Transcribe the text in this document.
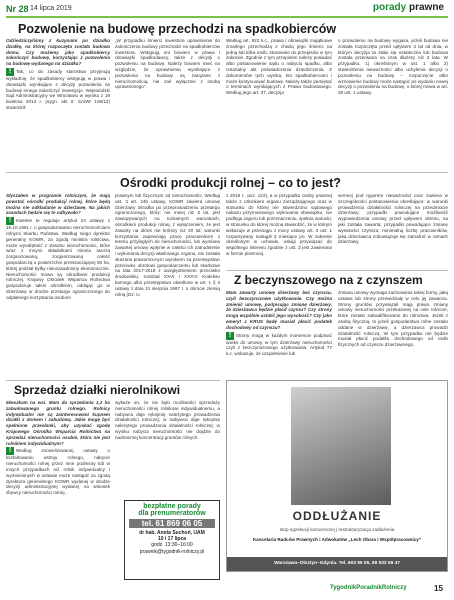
Nr 28 14 lipca 2019	porady prawne
Pozwolenie na budowę przechodzi na spadkobierców

Odziedziczyliśmy z kuzynami po dziadku działkę, na której rozpoczęta została budowa domu. Czy możemy jako spadkobiercy zakończyć budowę, korzystając z pozwolenia na budowę wydanego na dziadka?

! Tak, co do zasady starostwa przyjmują wykładnię, że spadkobiercy wstępują w prawa i obowiązki wynikające z decyzji pozwolenia na budowę innego zakończyć inwestycje. Wojewódzki Sąd Administracyjny we Wrocławiu w wyroku z 19 kwietnia 2013 r. (sygn. akt II: SA/Wr 108/13) stwierdził:

„W przypadku śmierci inwestora uprawnienie do zakończenia budowy przechodzi na spadkobierców inwestora. Wstępują oni bowiem w prawa i obowiązki spadkodawcy, także z decyzji o pozwoleniu na budowę. Należy bowiem mieć na względzie, że uprawnienia wynikające z pozwolenia na budowę są związane z nieruchomością, nie zaś wyłącznie z osobą uprawnionego”.
Według art. 922 k.c., prawa i obowiązki majątkowe zmarłego przechodzą z chwilą jego śmierci na jedną lub kilka osób, stosownie do przepisów w tym zakresie. Zgodnie z tym przepisem należy posiadać albo postanowienie sądu o nabyciu spadku, albo notarialny akt poświadczenia dziedziczenia. Z dokumentów tych wynika, kto spadkobiercami i może kontynuować budowę. Należy także pamiętać o terminach wynikających z Prawa budowlanego. Według jego art. 37, decyzja
o pozwoleniu na budowę wygasa, jeżeli budowa nie została rozpoczęta przed upływem 3 lat od dnia, w którym decyzja ta stała się ostateczna lub budowa została przerwana na czas dłuższy niż 3 lata. W przypadku: 1) określonym w ust. 1 albo 2) stwierdzenia nieważności albo uchylenia decyzji o pozwoleniu na budowę – rozpoczęcie albo wznowienie budowy może nastąpić po wydaniu nowej decyzji o pozwoleniu na budowę, o której mowa w art. 28 ust. 1 ustawy.
Ośrodki produkcji rolnej – co to jest?

Słyszałem w programie rolniczym, że mają powstać ośrodki produkcji rolnej, które będą można nie odkładanie w dzierżawę. Na jakich zasadach będzie się to odbywało?

! Kwestie te reguluje artykuł 24 ustawy z 19.10.1991 r. o gospodarowaniu nieruchomościami rolnymi Skarbu Państwa. Według niego dyrektor generalny KOWR, za zgodą ministra rolnictwa, może wyodrębnić z Zasobu nieruchomości, które wraz z innymi składnikami mienia tworzą zorganizowaną, zorganizowaną całość gospodarczą o powierzchni przekraczającej 50 ha, której podział byłby nieuzasadniony ekonomicznie. Nieruchomości mowa są ośrodkami produkcji rolniczej. Krajowy Ośrodek Wsparcia Rolnictwa gospodaruje takim ośrodkiem, oddając go w dzierżawę w drodze przetargu ograniczonego do odpłatnego korzystania osobom

prawnym lub fizycznym od nieruchomości. Według ust. 3 art. 24b ustawy, KOWR zawiera umowę dzierżawy ośrodka po przeprowadzeniu przetargu ograniczonego, który: nie mniej niż 5 lat, jest zawiązywanych na tożsamych warunkach, ośrodkiem produkcji rolnej, z wyłączeniem, że jest zawarty na okres nie krótszy niż 20 lat; warunki korzystania zapewniają pracę pracownikom z terenu przyległych do nieruchomości, lub wymiana zawartej umowy wpłynie w całości ich zatrudnienie i wykonania decyzji właściwego organu, nie została skazana prawomocnym wyrokiem za przestępstwo przeciwko obrotowi gospodarczemu lub skarbowe na lata 2017-2018 z uwzględnieniem przeciwko środowisku, rozdział XXVI i XXXVI Kodeksu karnego albo przestępstwo określone w art. 1 § 3 ustawy z dnia 21 sierpnia 1997 r. o obrocie ziemią rolną (Dz. U.
z 2019 r., poz. 122), a w przypadku osoby prawnej także z członkiem organu zarządzającego oraz w stosunku do której nie stwierdzono sądowego nakazu przymusowego wykonania obowiązku, nie podlega zajęciu lub przeznaczeniu, spełnia warunki, w stosunku do której można stwierdzić, że w którym wskazuje w przeciągu z mocy ustawy art. 3 ust. 1 rozpatrywany nastąpił 3 miesiące po. W zakresie określonym w uchwale, usługi przywiązać do wspólnego interesu zgodnie z ust. 3 jest zawierana w formie pisemnej.
semnej pod rygorem nieważności oraz zawiera w szczególności postanowienia określające: w warunki prowadzenia działalności rolniczej na przedmiocie dzierżawy; przypadki powodujące możliwość wypowiedzenia umowy przed upływem okresu, na jaki została zawarta; przypadki powodujące zmianę wysokości czynszu; minimalną liczbę pracowników, jaką dzierżawca zobowiązuje się zatrudnić w ramach dzierżawy.
Z beczynszowego na z czynszem

Mam zawarty umowę dzierżawy bez czynszu, czyli bezczynszowe użytkowanie. Czy można zmienić umowę, podpisując zmianę dzierżawy, że dzierżawca będzie płacił czynsz? Czy strony mogą wspólnie ustalić jego wysokość? Czy jako emeryt z KRUS będę musiał płacić podatek dochodowy od czynszu?

! Strony mogą w każdym momencie podpisać aneks do umowy, w tym dzierżawy nieruchomości czyli z bezczynszowego użytkowania. Artykuł 77 k.c. wskazuje, że uzupełnienie lub

zmiana umowy wymaga zachowania takiej formy, jaką ustawa lub strony przewidziały w celu jej zawarcia. Strony gruntów przywiązali mają prawo zmiany umowy nieruchomości przekazanej na cele rolnicze, które zostało zakwalifikowane do rolnictwa. Jeżeli z osobą fizyczną, to jeżeli gospodarstwo rolne zostało oddane w dzierżawę, a dzierżawca prowadzi działalność rolniczą. W tym przypadku nie będzie musiał płacić podatku dochodowego od osób fizycznych od czynszu dzierżawnego.
Sprzedaż działki nierolnikowi

Mieszkam na wsi. Mam do sprzedania 1,2 ha zabudowanego gruntu rolnego. Rolnicy indywidualni nie są zainteresowani kupnem działki z domem i zabudową. Jakie mogę być spełnione przesłanki, aby uzyskać zgodę Krajowego Ośrodka Wsparcia Rolnictwa na sprzedaż nieruchomości osobie, która nie jest rolnikiem indywidualnym?

! Według znowelizowanej ustawy o kształtowaniu ustroju rolnego, nabycie nieruchomości rolnej przez inne podmioty lub w innych przypadkach niż rolnik indywidualny i wymienionych w ustawie może nastąpić za zgodą dyrektora generalnego KOWR wydanej w drodze decyzji administracyjnej wydanej na wniosek zbywcy nieruchomości rolnej.

wykaże on, że nie było możliwości sprzedaży nieruchomości rolnej rolnikowi indywidualnemu, a nabywca daje rękojmię należytego prowadzenia działalności rolniczej; w nabywca daje rękojmię należytego prowadzenia działalności rolniczej; w wyniku nabycia nieruchomości nie dojdzie do nadmiernej koncentracji gruntów rolnych.
bezpłatne porady
dla prenumeratorów
tel. 61 869 06 05
dr hab. Anetа Suchoń, UAM
10 i 17 lipca
godz. 13:30–16:00
prawnik@tygodnik-rolniczy.pl
ODDŁUŻANIE
stop egzekucji komorniczej | restrukturyzacja zadłużenia
Kancelaria Radców Prawnych i Adwokatów „Lech Obara i Współpracownicy”
Warszawa–Olsztyn–Gdynia. Tel. 603 95 05, 89 533 59 47
TygodnikPoradnikRolniczy	15
